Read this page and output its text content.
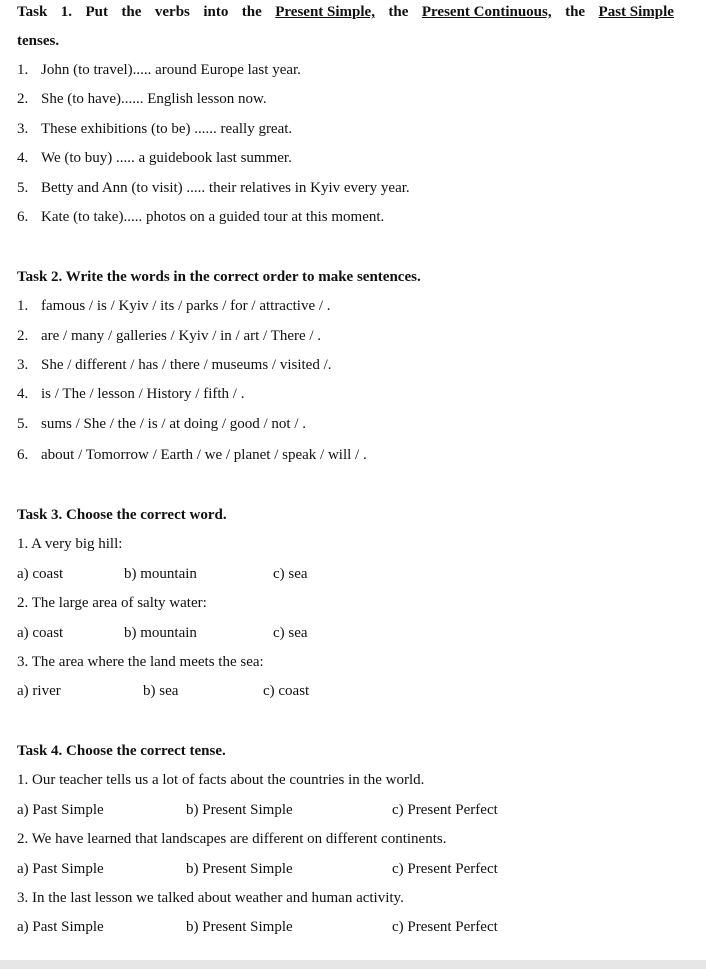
Task 1. Put the verbs into the Present Simple, the Present Continuous, the Past Simple
tenses.
1. John (to travel)..... around Europe last year.
2. She (to have)...... English lesson now.
3. These exhibitions (to be) ...... really great.
4. We (to buy) ..... a guidebook last summer.
5. Betty and Ann (to visit) ..... their relatives in Kyiv every year.
6. Kate (to take)..... photos on a guided tour at this moment.
Task 2. Write the words in the correct order to make sentences.
1. famous / is / Kyiv / its / parks / for / attractive / .
2. are / many / galleries / Kyiv / in / art / There / .
3. She / different / has / there / museums / visited /.
4. is / The / lesson / History / fifth / .
5. sums / She / the / is / at doing / good / not / .
6. about / Tomorrow / Earth / we / planet / speak / will / .
Task 3. Choose the correct word.
1. A very big hill:
a) coast	b) mountain	c) sea
2. The large area of salty water:
a) coast	b) mountain	c) sea
3. The area where the land meets the sea:
a) river	b) sea	c) coast
Task 4. Choose the correct tense.
1. Our teacher tells us a lot of facts about the countries in the world.
a) Past Simple	b) Present Simple	c) Present Perfect
2. We have learned that landscapes are different on different continents.
a) Past Simple	b) Present Simple	c) Present Perfect
3. In the last lesson we talked about weather and human activity.
a) Past Simple	b) Present Simple	c) Present Perfect
